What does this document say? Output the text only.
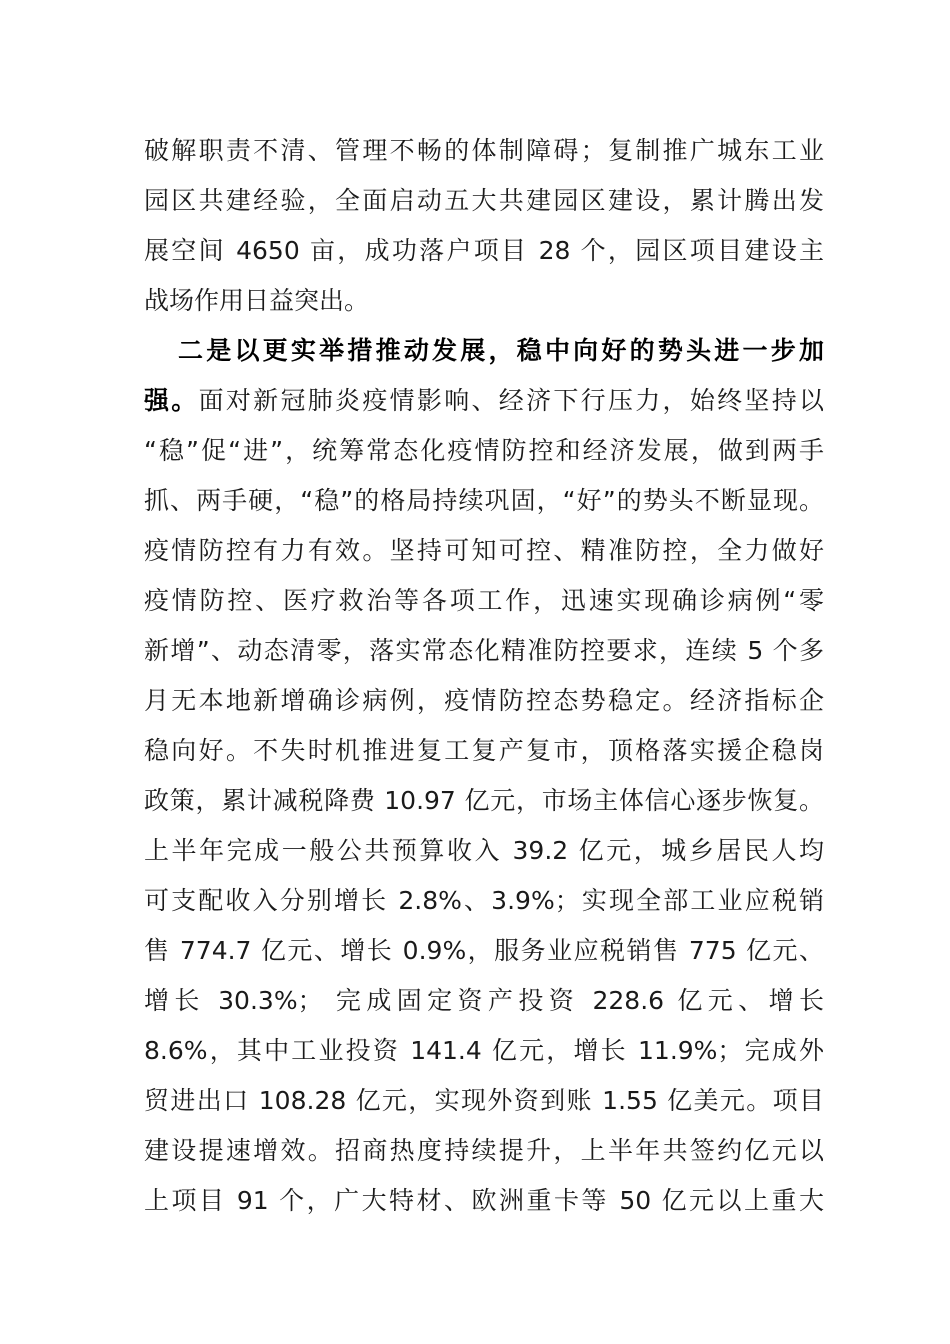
破解职责不清、管理不畅的体制障碍；复制推广城东工业
园区共建经验，全面启动五大共建园区建设，累计腾出发
展空间 4650 亩，成功落户项目 28 个，园区项目建设主
战场作用日益突出。
二是以更实举措推动发展，稳中向好的势头进一步加
强。面对新冠肺炎疫情影响、经济下行压力，始终坚持以
“稳”促“进”，统筹常态化疫情防控和经济发展，做到两手
抓、两手硬，“稳”的格局持续巩固，“好”的势头不断显现。
疫情防控有力有效。坚持可知可控、精准防控，全力做好
疫情防控、医疗救治等各项工作，迅速实现确诊病例“零
新增”、动态清零，落实常态化精准防控要求，连续 5 个多
月无本地新增确诊病例，疫情防控态势稳定。经济指标企
稳向好。不失时机推进复工复产复市，顶格落实援企稳岗
政策，累计减税降费 10.97 亿元，市场主体信心逐步恢复。
上半年完成一般公共预算收入 39.2 亿元，城乡居民人均
可支配收入分别增长 2.8%、3.9%；实现全部工业应税销
售 774.7 亿元、增长 0.9%，服务业应税销售 775 亿元、
增长 30.3%； 完成固定资产投资 228.6 亿元、增长
8.6%，其中工业投资 141.4 亿元，增长 11.9%；完成外
贸进出口 108.28 亿元，实现外资到账 1.55 亿美元。项目
建设提速增效。招商热度持续提升，上半年共签约亿元以
上项目 91 个，广大特材、欧洲重卡等 50 亿元以上重大
